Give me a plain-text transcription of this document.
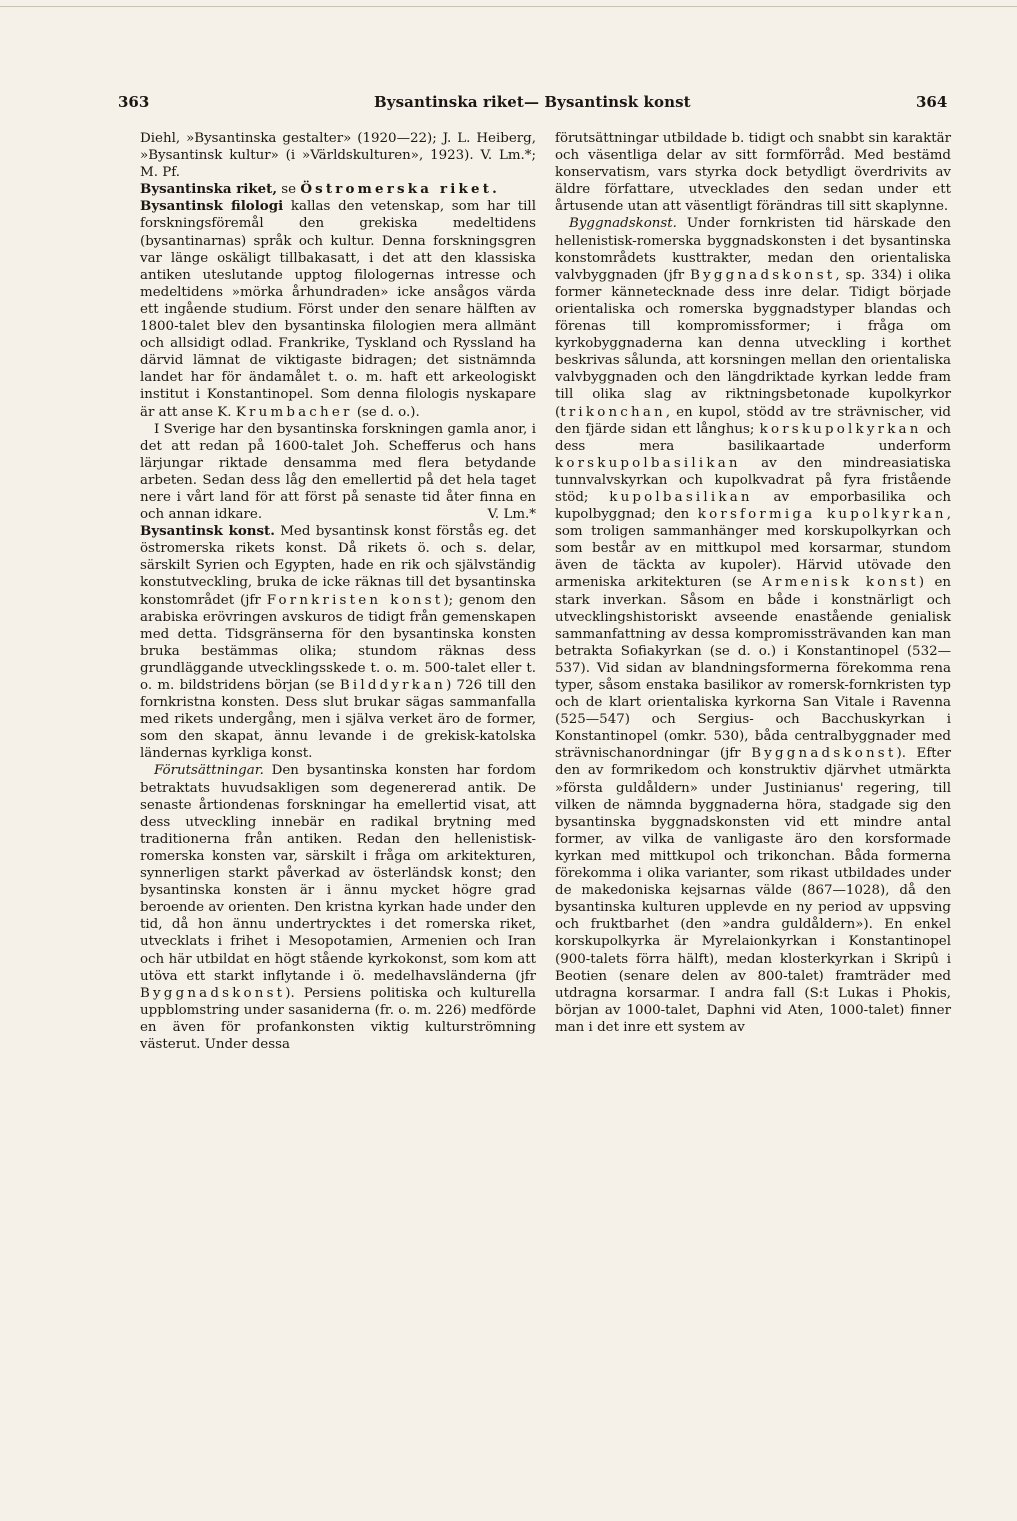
363	Bysantinska riket— Bysantinsk konst	364

Diehl, »Bysantinska gestalter» (1920—22); J. L. Heiberg, »Bysantinsk kultur» (i »Världskulturen», 1923). V. Lm.*; M. Pf.

Bysantinska riket, se Östromerska riket.

Bysantinsk filologi kallas den vetenskap, som har till forskningsföremål den grekiska medeltidens (bysantinarnas) språk och kultur. Denna forskningsgren var länge oskäligt tillbakasatt, i det att den klassiska antiken uteslutande upptog filologernas intresse och medeltidens »mörka århundraden» icke ansågos värda ett ingående studium. Först under den senare hälften av 1800-talet blev den bysantinska filologien mera allmänt och allsidigt odlad. Frankrike, Tyskland och Ryssland ha därvid lämnat de viktigaste bidragen; det sistnämnda landet har för ändamålet t. o. m. haft ett arkeologiskt institut i Konstantinopel. Som denna filologis nyskapare är att anse K. Krumbacher (se d. o.).

I Sverige har den bysantinska forskningen gamla anor, i det att redan på 1600-talet Joh. Schefferus och hans lärjungar riktade densamma med flera betydande arbeten. Sedan dess låg den emellertid på det hela taget nere i vårt land för att först på senaste tid åter finna en och annan idkare.	V. Lm.*

Bysantinsk konst. Med bysantinsk konst förstås eg. det östromerska rikets konst. Då rikets ö. och s. delar, särskilt Syrien och Egypten, hade en rik och självständig konstutveckling, bruka de icke räknas till det bysantinska konstområdet (jfr Fornkristen konst); genom den arabiska erövringen avskuros de tidigt från gemenskapen med detta. Tidsgränserna för den bysantinska konsten bruka bestämmas olika; stundom räknas dess grundläggande utvecklingsskede t. o. m. 500-talet eller t. o. m. bildstridens början (se Bilddyrkan) 726 till den fornkristna konsten. Dess slut brukar sägas sammanfalla med rikets undergång, men i själva verket äro de former, som den skapat, ännu levande i de grekisk-katolska ländernas kyrkliga konst.

Förutsättningar. Den bysantinska konsten har fordom betraktats huvudsakligen som degenererad antik. De senaste årtiondenas forskningar ha emellertid visat, att dess utveckling innebär en radikal brytning med traditionerna från antiken. Redan den hellenistisk-romerska konsten var, särskilt i fråga om arkitekturen, synnerligen starkt påverkad av österländsk konst; den bysantinska konsten är i ännu mycket högre grad beroende av orienten. Den kristna kyrkan hade under den tid, då hon ännu undertrycktes i det romerska riket, utvecklats i frihet i Mesopotamien, Armenien och Iran och här utbildat en högt stående kyrkokonst, som kom att utöva ett starkt inflytande i ö. medelhavsländerna (jfr Byggnadskonst). Persiens politiska och kulturella uppblomstring under sasaniderna (fr. o. m. 226) medförde en även för profankonsten viktig kulturströmning västerut. Under dessa

förutsättningar utbildade b. tidigt och snabbt sin karaktär och väsentliga delar av sitt formförråd. Med bestämd konservatism, vars styrka dock betydligt överdrivits av äldre författare, utvecklades den sedan under ett årtusende utan att väsentligt förändras till sitt skaplynne.

Byggnadskonst. Under fornkristen tid härskade den hellenistisk-romerska byggnadskonsten i det bysantinska konstområdets kusttrakter, medan den orientaliska valvbyggnaden (jfr Byggnadskonst, sp. 334) i olika former kännetecknade dess inre delar. Tidigt började orientaliska och romerska byggnadstyper blandas och förenas till kompromissformer; i fråga om kyrkobyggnaderna kan denna utveckling i korthet beskrivas sålunda, att korsningen mellan den orientaliska valvbyggnaden och den längdriktade kyrkan ledde fram till olika slag av riktningsbetonade kupolkyrkor (trikonchan, en kupol, stödd av tre strävnischer, vid den fjärde sidan ett långhus; korskupolkyrkan och dess mera basilikaartade underform korskupolbasilikan av den mindreasiatiska tunnvalvskyrkan och kupolkvadrat på fyra fristående stöd; kupolbasilikan av emporbasilika och kupolbyggnad; den korsformiga kupolkyrkan, som troligen sammanhänger med korskupolkyrkan och som består av en mittkupol med korsarmar, stundom även de täckta av kupoler). Härvid utövade den armeniska arkitekturen (se Armenisk konst) en stark inverkan. Såsom en både i konstnärligt och utvecklingshistoriskt avseende enastående genialisk sammanfattning av dessa kompromissträvanden kan man betrakta Sofiakyrkan (se d. o.) i Konstantinopel (532—537). Vid sidan av blandningsformerna förekomma rena typer, såsom enstaka basilikor av romersk-fornkristen typ och de klart orientaliska kyrkorna San Vitale i Ravenna (525—547) och Sergius- och Bacchuskyrkan i Konstantinopel (omkr. 530), båda centralbyggnader med strävnischanordningar (jfr Byggnadskonst). Efter den av formrikedom och konstruktiv djärvhet utmärkta »första guldåldern» under Justinianus' regering, till vilken de nämnda byggnaderna höra, stadgade sig den bysantinska byggnadskonsten vid ett mindre antal former, av vilka de vanligaste äro den korsformade kyrkan med mittkupol och trikonchan. Båda formerna förekomma i olika varianter, som rikast utbildades under de makedoniska kejsarnas välde (867—1028), då den bysantinska kulturen upplevde en ny period av uppsving och fruktbarhet (den »andra guldåldern»). En enkel korskupolkyrka är Myrelaionkyrkan i Konstantinopel (900-talets förra hälft), medan klosterkyrkan i Skripû i Beotien (senare delen av 800-talet) framträder med utdragna korsarmar. I andra fall (S:t Lukas i Phokis, början av 1000-talet, Daphni vid Aten, 1000-talet) finner man i det inre ett system av
